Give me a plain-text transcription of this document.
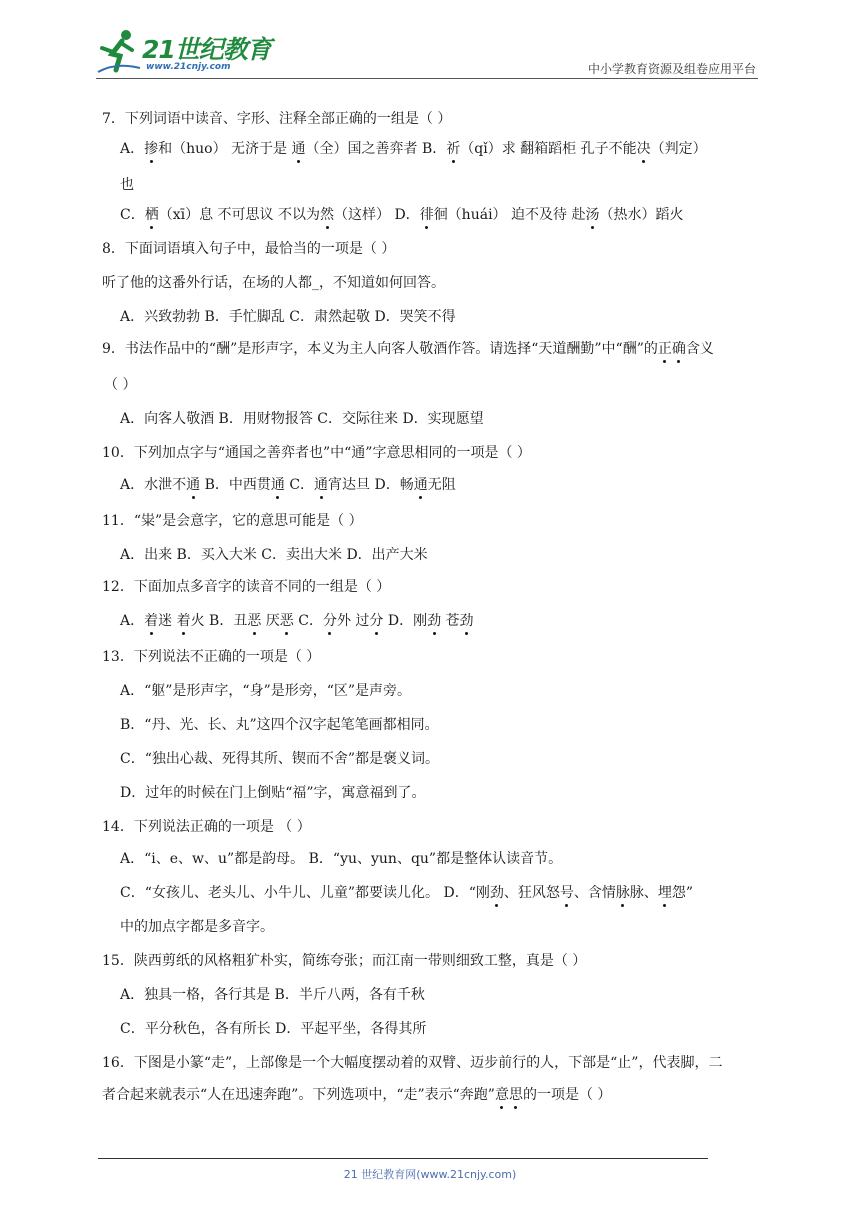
21世纪教育
www.21cnjy.com	中小学教育资源及组卷应用平台
7．下列词语中读音、字形、注释全部正确的一组是（ ）
A．掺和（huo） 无济于是 通（全）国之善弈者 B．祈（qǐ）求 翻箱蹈柜 孔子不能决（判定）
也
C．栖（xī）息 不可思议 不以为然（这样） D．徘徊（huái） 迫不及待 赴汤（热水）蹈火
8．下面词语填入句子中，最恰当的一项是（ ）
听了他的这番外行话，在场的人都_，不知道如何回答。
A．兴致勃勃 B．手忙脚乱 C．肃然起敬 D．哭笑不得
9．书法作品中的“酬”是形声字，本义为主人向客人敬酒作答。请选择“天道酬勤”中“酬”的正确含义
（ ）
A．向客人敬酒 B．用财物报答 C．交际往来 D．实现愿望
10．下列加点字与“通国之善弈者也”中“通”字意思相同的一项是（ ）
A．水泄不通 B．中西贯通 C．通宵达旦 D．畅通无阻
11．“粜”是会意字，它的意思可能是（ ）
A．出来 B．买入大米 C．卖出大米 D．出产大米
12．下面加点多音字的读音不同的一组是（ ）
A．着迷 着火 B．丑恶 厌恶 C．分外 过分 D．刚劲 苍劲
13．下列说法不正确的一项是（ ）
A．“躯”是形声字，“身”是形旁，“区”是声旁。
B．“丹、光、长、丸”这四个汉字起笔笔画都相同。
C．“独出心裁、死得其所、锲而不舍”都是褒义词。
D．过年的时候在门上倒贴“福”字，寓意福到了。
14．下列说法正确的一项是 （ ）
A．“i、e、w、u”都是韵母。 B．“yu、yun、qu”都是整体认读音节。
C．“女孩儿、老头儿、小牛儿、儿童”都要读儿化。 D．“刚劲、狂风怒号、含情脉脉、埋怨”
中的加点字都是多音字。
15．陕西剪纸的风格粗犷朴实，简练夸张；而江南一带则细致工整，真是（ ）
A．独具一格，各行其是 B．半斤八两，各有千秋
C．平分秋色，各有所长 D．平起平坐，各得其所
16．下图是小篆“走”，上部像是一个大幅度摆动着的双臂、迈步前行的人，下部是“止”，代表脚，二
者合起来就表示“人在迅速奔跑”。下列选项中，“走”表示“奔跑”意思的一项是（ ）
21 世纪教育网(www.21cnjy.com)
